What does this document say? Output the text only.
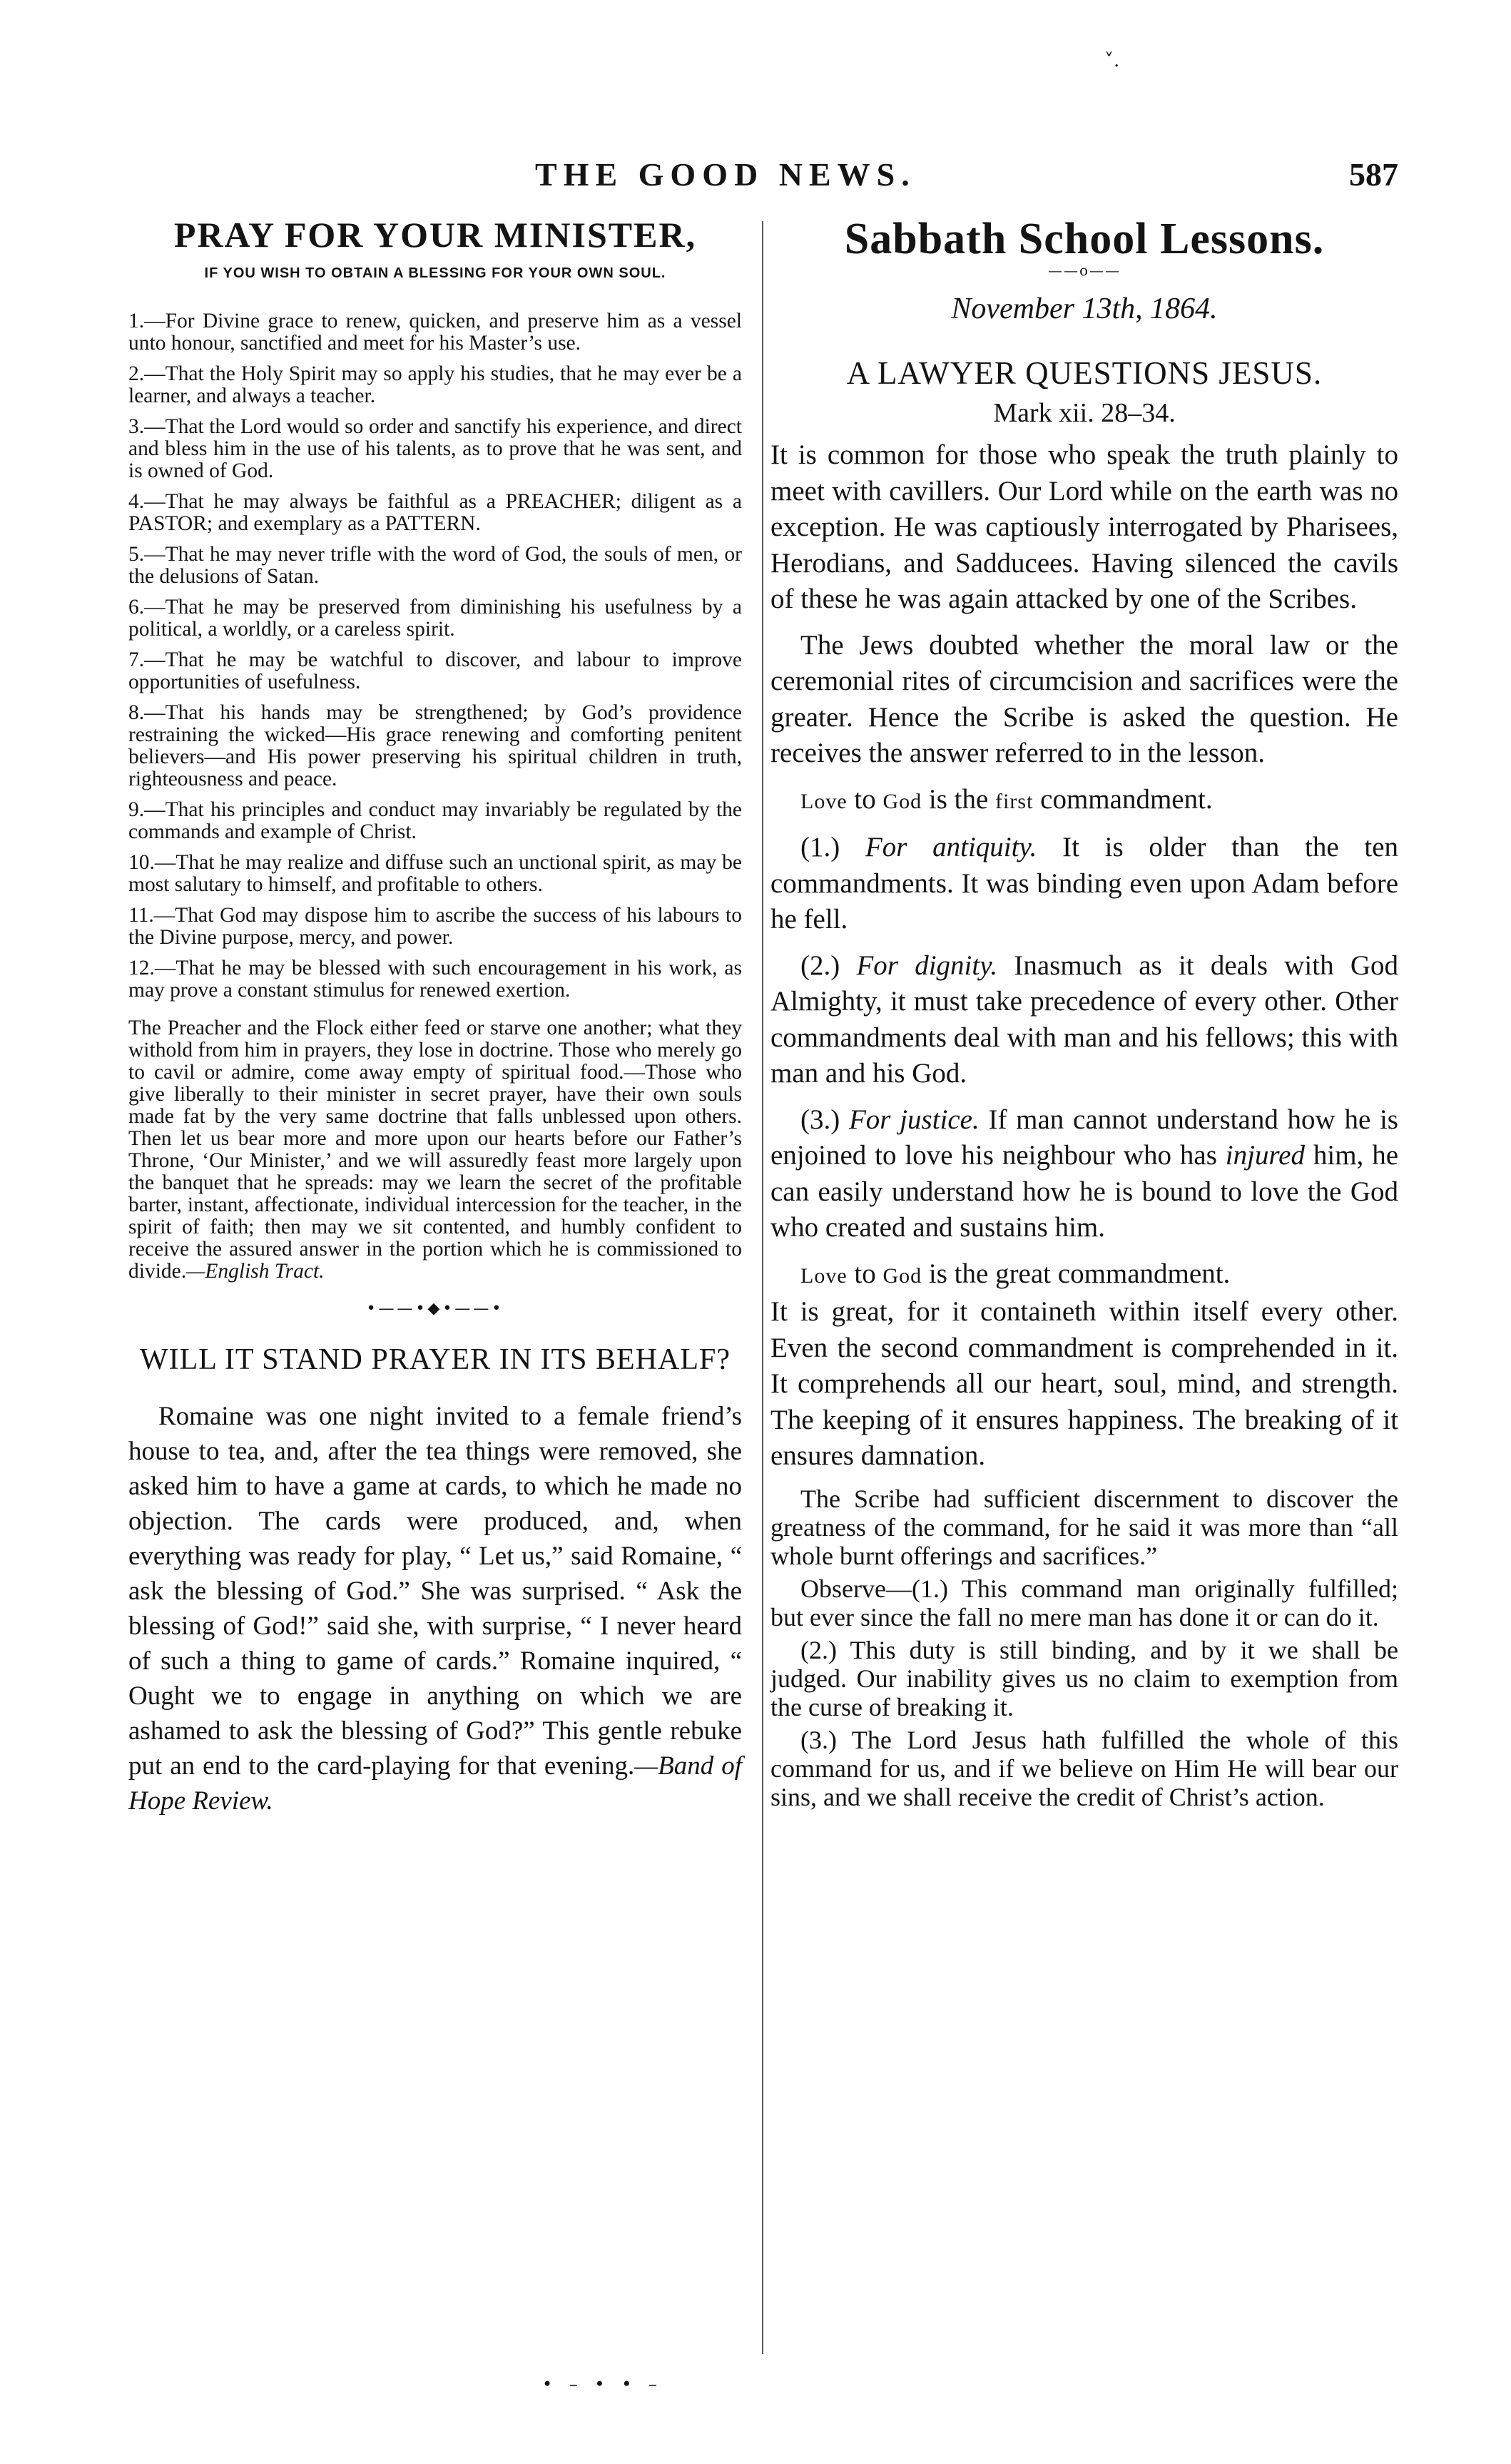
˅.
THE GOOD NEWS.	587
PRAY FOR YOUR MINISTER,
IF YOU WISH TO OBTAIN A BLESSING FOR YOUR OWN SOUL.

1.—For Divine grace to renew, quicken, and preserve him as a vessel unto honour, sanctified and meet for his Master’s use.

2.—That the Holy Spirit may so apply his studies, that he may ever be a learner, and always a teacher.

3.—That the Lord would so order and sanctify his experience, and direct and bless him in the use of his talents, as to prove that he was sent, and is owned of God.

4.—That he may always be faithful as a PREACHER; diligent as a PASTOR; and exemplary as a PATTERN.

5.—That he may never trifle with the word of God, the souls of men, or the delusions of Satan.

6.—That he may be preserved from diminishing his usefulness by a political, a worldly, or a careless spirit.

7.—That he may be watchful to discover, and labour to improve opportunities of usefulness.

8.—That his hands may be strengthened; by God’s providence restraining the wicked—His grace renewing and comforting penitent believers—and His power preserving his spiritual children in truth, righteousness and peace.

9.—That his principles and conduct may invariably be regulated by the commands and example of Christ.

10.—That he may realize and diffuse such an unctional spirit, as may be most salutary to himself, and profitable to others.

11.—That God may dispose him to ascribe the success of his labours to the Divine purpose, mercy, and power.

12.—That he may be blessed with such encouragement in his work, as may prove a constant stimulus for renewed exertion.

The Preacher and the Flock either feed or starve one another; what they withold from him in prayers, they lose in doctrine. Those who merely go to cavil or admire, come away empty of spiritual food.—Those who give liberally to their minister in secret prayer, have their own souls made fat by the very same doctrine that falls unblessed upon others. Then let us bear more and more upon our hearts before our Father’s Throne, ‘Our Minister,’ and we will assuredly feast more largely upon the banquet that he spreads: may we learn the secret of the profitable barter, instant, affectionate, individual intercession for the teacher, in the spirit of faith; then may we sit contented, and humbly confident to receive the assured answer in the portion which he is commissioned to divide.—English Tract.

•——•◆•——•
WILL IT STAND PRAYER IN ITS BEHALF?

Romaine was one night invited to a female friend’s house to tea, and, after the tea things were removed, she asked him to have a game at cards, to which he made no objection. The cards were produced, and, when everything was ready for play, “ Let us,” said Romaine, “ ask the blessing of God.” She was surprised. “ Ask the blessing of God!” said she, with surprise, “ I never heard of such a thing to game of cards.” Romaine inquired, “ Ought we to engage in anything on which we are ashamed to ask the blessing of God?” This gentle rebuke put an end to the card-playing for that evening.—Band of Hope Review.

Sabbath School Lessons.
——o——
November 13th, 1864.
A LAWYER QUESTIONS JESUS.
Mark xii. 28–34.

It is common for those who speak the truth plainly to meet with cavillers. Our Lord while on the earth was no exception. He was captiously interrogated by Pharisees, Herodians, and Sadducees. Having silenced the cavils of these he was again attacked by one of the Scribes.

The Jews doubted whether the moral law or the ceremonial rites of circumcision and sacrifices were the greater. Hence the Scribe is asked the question. He receives the answer referred to in the lesson.

Love to God is the first commandment.

(1.) For antiquity. It is older than the ten commandments. It was binding even upon Adam before he fell.

(2.) For dignity. Inasmuch as it deals with God Almighty, it must take precedence of every other. Other commandments deal with man and his fellows; this with man and his God.

(3.) For justice. If man cannot understand how he is enjoined to love his neighbour who has injured him, he can easily understand how he is bound to love the God who created and sustains him.

Love to God is the great commandment.

It is great, for it containeth within itself every other. Even the second commandment is comprehended in it. It comprehends all our heart, soul, mind, and strength. The keeping of it ensures happiness. The breaking of it ensures damnation.

The Scribe had sufficient discernment to discover the greatness of the command, for he said it was more than “all whole burnt offerings and sacrifices.”

Observe—(1.) This command man originally fulfilled; but ever since the fall no mere man has done it or can do it.

(2.) This duty is still binding, and by it we shall be judged. Our inability gives us no claim to exemption from the curse of breaking it.

(3.) The Lord Jesus hath fulfilled the whole of this command for us, and if we believe on Him He will bear our sins, and we shall receive the credit of Christ’s action.

• – • • –
